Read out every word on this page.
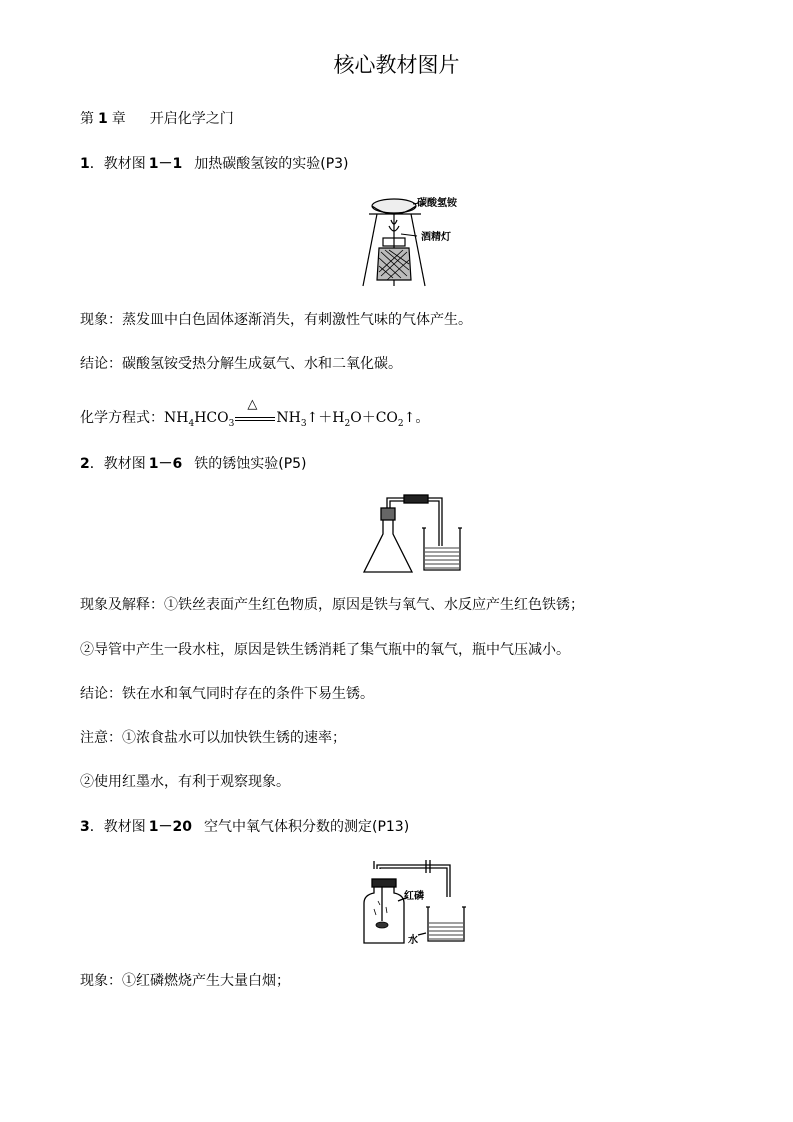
核心教材图片
第 1 章 开启化学之门
1．教材图 1－1 加热碳酸氢铵的实验(P3)
碳酸氢铵
酒精灯
现象：蒸发皿中白色固体逐渐消失，有刺激性气味的气体产生。
结论：碳酸氢铵受热分解生成氨气、水和二氧化碳。
化学方程式：$NH_4HCO_3$
△
$NH_3↑+H_2O+CO_2↑$。
2．教材图 1－6 铁的锈蚀实验(P5)
现象及解释：①铁丝表面产生红色物质，原因是铁与氧气、水反应产生红色铁锈；
②导管中产生一段水柱，原因是铁生锈消耗了集气瓶中的氧气，瓶中气压减小。
结论：铁在水和氧气同时存在的条件下易生锈。
注意：①浓食盐水可以加快铁生锈的速率；
②使用红墨水，有利于观察现象。
3．教材图 1－20 空气中氧气体积分数的测定(P13)
红磷
水
现象：①红磷燃烧产生大量白烟；
